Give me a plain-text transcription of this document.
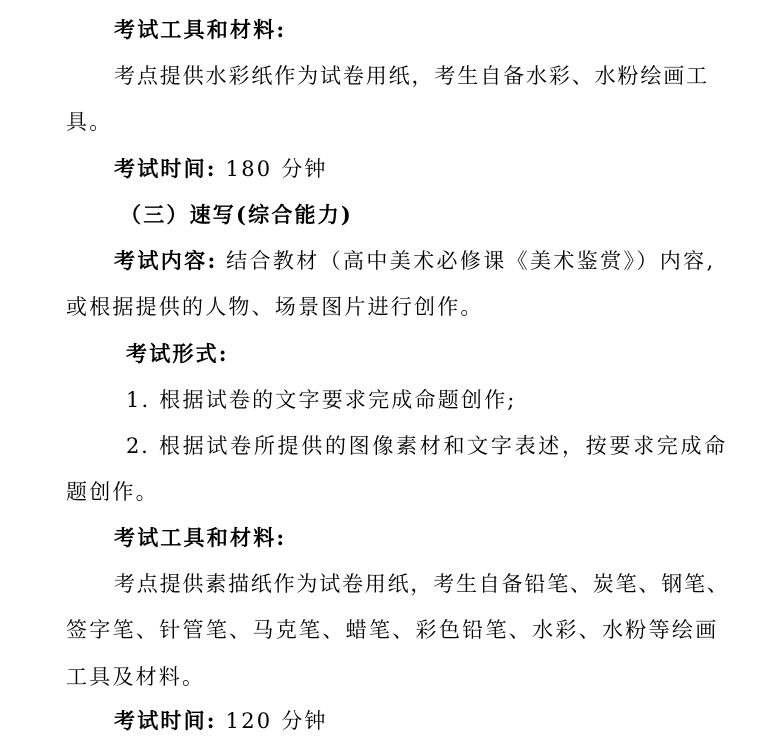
考试工具和材料:
考点提供水彩纸作为试卷用纸，考生自备水彩、水粉绘画工
具。
考试时间: 180 分钟
（三）速写(综合能力)
考试内容: 结合教材（高中美术必修课《美术鉴赏》）内容,
或根据提供的人物、场景图片进行创作。
考试形式:
1. 根据试卷的文字要求完成命题创作;
2. 根据试卷所提供的图像素材和文字表述，按要求完成命
题创作。
考试工具和材料:
考点提供素描纸作为试卷用纸，考生自备铅笔、炭笔、钢笔、
签字笔、针管笔、马克笔、蜡笔、彩色铅笔、水彩、水粉等绘画
工具及材料。
考试时间: 120 分钟
